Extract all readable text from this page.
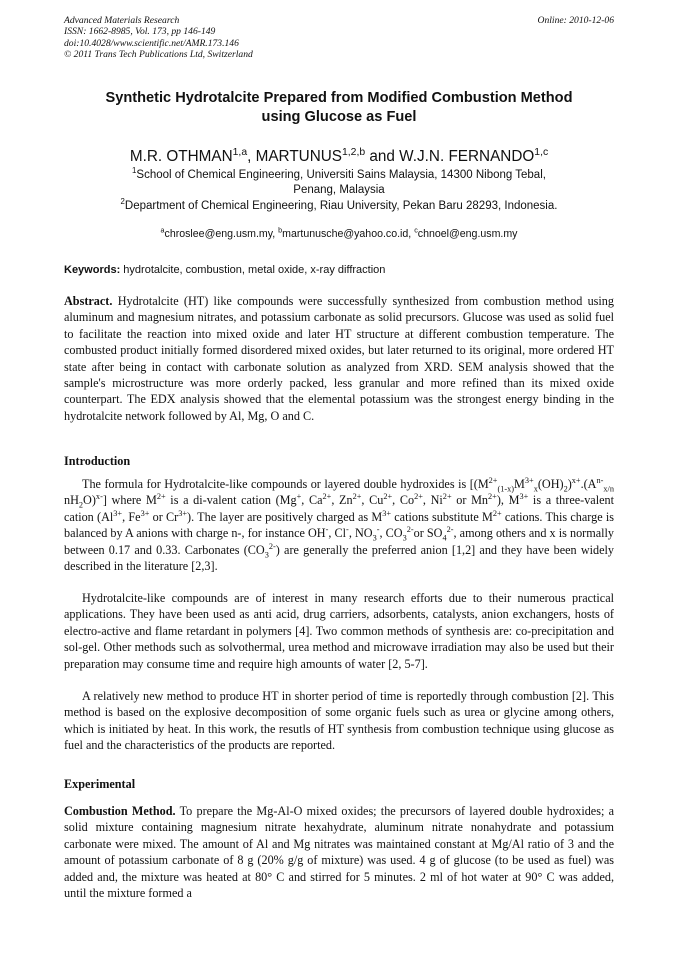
Advanced Materials Research
ISSN: 1662-8985, Vol. 173, pp 146-149
doi:10.4028/www.scientific.net/AMR.173.146
© 2011 Trans Tech Publications Ltd, Switzerland
Online: 2010-12-06
Synthetic Hydrotalcite Prepared from Modified Combustion Method
using Glucose as Fuel
M.R. OTHMAN$^{1,a}$, MARTUNUS$^{1,2,b}$ and W.J.N. FERNANDO$^{1,c}$
$^1$School of Chemical Engineering, Universiti Sains Malaysia, 14300 Nibong Tebal,
Penang, Malaysia
$^2$Department of Chemical Engineering, Riau University, Pekan Baru 28293, Indonesia.
$^a$chroslee@eng.usm.my, $^b$martunusche@yahoo.co.id, $^c$chnoel@eng.usm.my
Keywords: hydrotalcite, combustion, metal oxide, x-ray diffraction
Abstract. Hydrotalcite (HT) like compounds were successfully synthesized from combustion method using aluminum and magnesium nitrates, and potassium carbonate as solid precursors. Glucose was used as solid fuel to facilitate the reaction into mixed oxide and later HT structure at different combustion temperature. The combusted product initially formed disordered mixed oxides, but later returned to its original, more ordered HT state after being in contact with carbonate solution as analyzed from XRD. SEM analysis showed that the sample's microstructure was more orderly packed, less granular and more refined than its mixed oxide counterpart. The EDX analysis showed that the elemental potassium was the strongest energy binding in the hydrotalcite network followed by Al, Mg, O and C.
Introduction

The formula for Hydrotalcite-like compounds or layered double hydroxides is [$(M^{2+}_{(1-x)}M^{3+}_x(OH)_2)^{x+}.(A^{n-}_{x/n}$ $nH_2O)^{x-}$] where $M^{2+}$ is a di-valent cation (Mg+, $Ca^{2+}$, $Zn^{2+}$, $Cu^{2+}$, $Co^{2+}$, $Ni^{2+}$ or $Mn^{2+}$), $M^{3+}$ is a three-valent cation ($Al^{3+}$, $Fe^{3+}$ or $Cr^{3+}$). The layer are positively charged as $M^{3+}$ cations substitute $M^{2+}$ cations. This charge is balanced by A anions with charge n-, for instance OH-, Cl-, $NO_3^-$, $CO_3^{2-}or$ $SO_4^{2-}$, among others and x is normally between 0.17 and 0.33. Carbonates $(CO_3^{2-})$ are generally the preferred anion [1,2] and they have been widely described in the literature [2,3].

Hydrotalcite-like compounds are of interest in many research efforts due to their numerous practical applications. They have been used as anti acid, drug carriers, adsorbents, catalysts, anion exchangers, hosts of electro-active and flame retardant in polymers [4]. Two common methods of synthesis are: co-precipitation and sol-gel. Other methods such as solvothermal, urea method and microwave irradiation may also be used but their preparation may consume time and require high amounts of water [2, 5-7].

A relatively new method to produce HT in shorter period of time is reportedly through combustion [2]. This method is based on the explosive decomposition of some organic fuels such as urea or glycine among others, which is initiated by heat. In this work, the resutls of HT synthesis from combustion technique using glucose as fuel and the characteristics of the products are reported.

Experimental
Combustion Method. To prepare the Mg-Al-O mixed oxides; the precursors of layered double hydroxides; a solid mixture containing magnesium nitrate hexahydrate, aluminum nitrate nonahydrate and potassium carbonate were mixed. The amount of Al and Mg nitrates was maintained constant at Mg/Al ratio of 3 and the amount of potassium carbonate of 8 g (20% g/g of mixture) was used. 4 g of glucose (to be used as fuel) was added and, the mixture was heated at 80° C and stirred for 5 minutes. 2 ml of hot water at 90° C was added, until the mixture formed a
